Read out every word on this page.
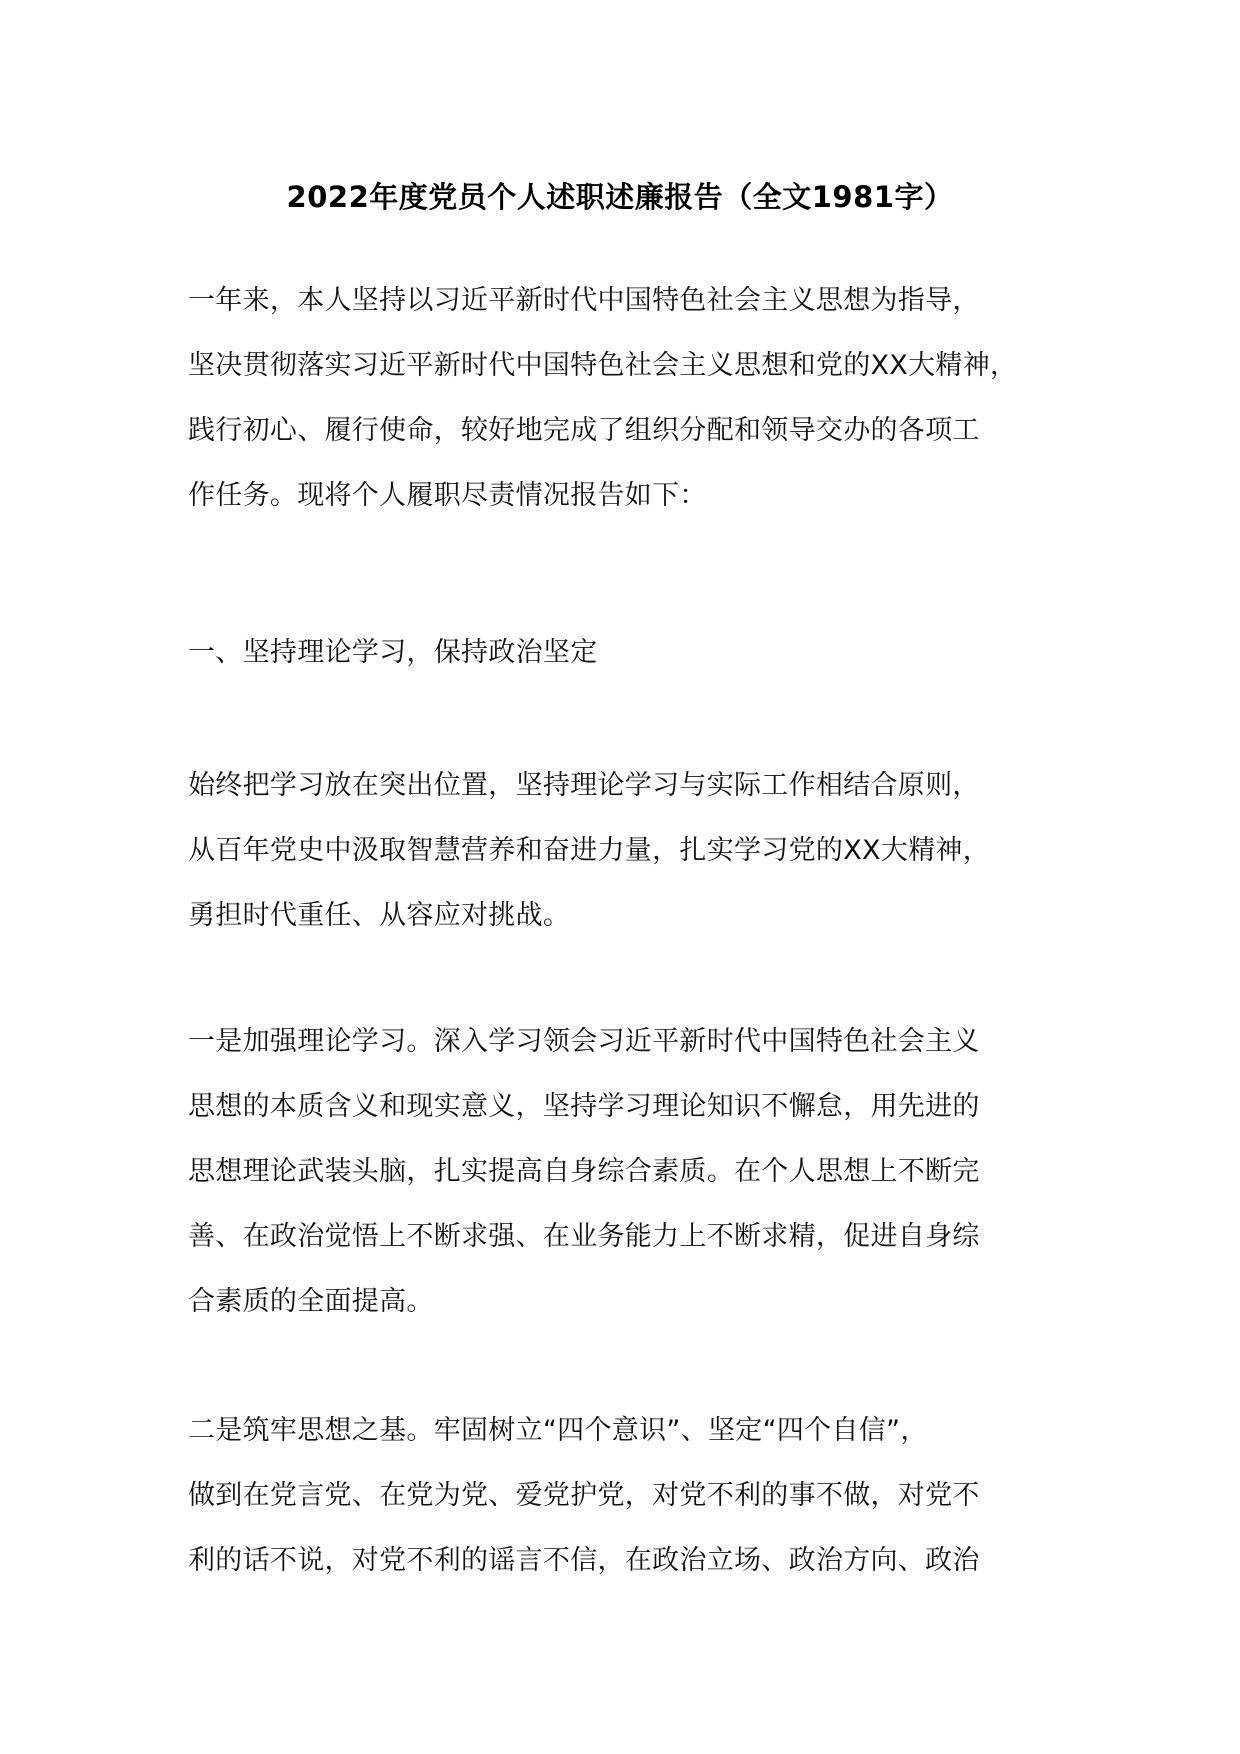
2022年度党员个人述职述廉报告（全文1981字）
一年来，本人坚持以习近平新时代中国特色社会主义思想为指导，
坚决贯彻落实习近平新时代中国特色社会主义思想和党的XX大精神，
践行初心、履行使命，较好地完成了组织分配和领导交办的各项工
作任务。现将个人履职尽责情况报告如下：
一、坚持理论学习，保持政治坚定
始终把学习放在突出位置，坚持理论学习与实际工作相结合原则，
从百年党史中汲取智慧营养和奋进力量，扎实学习党的XX大精神，
勇担时代重任、从容应对挑战。
一是加强理论学习。深入学习领会习近平新时代中国特色社会主义
思想的本质含义和现实意义，坚持学习理论知识不懈怠，用先进的
思想理论武装头脑，扎实提高自身综合素质。在个人思想上不断完
善、在政治觉悟上不断求强、在业务能力上不断求精，促进自身综
合素质的全面提高。
二是筑牢思想之基。牢固树立“四个意识”、坚定“四个自信”，
做到在党言党、在党为党、爱党护党，对党不利的事不做，对党不
利的话不说，对党不利的谣言不信，在政治立场、政治方向、政治
